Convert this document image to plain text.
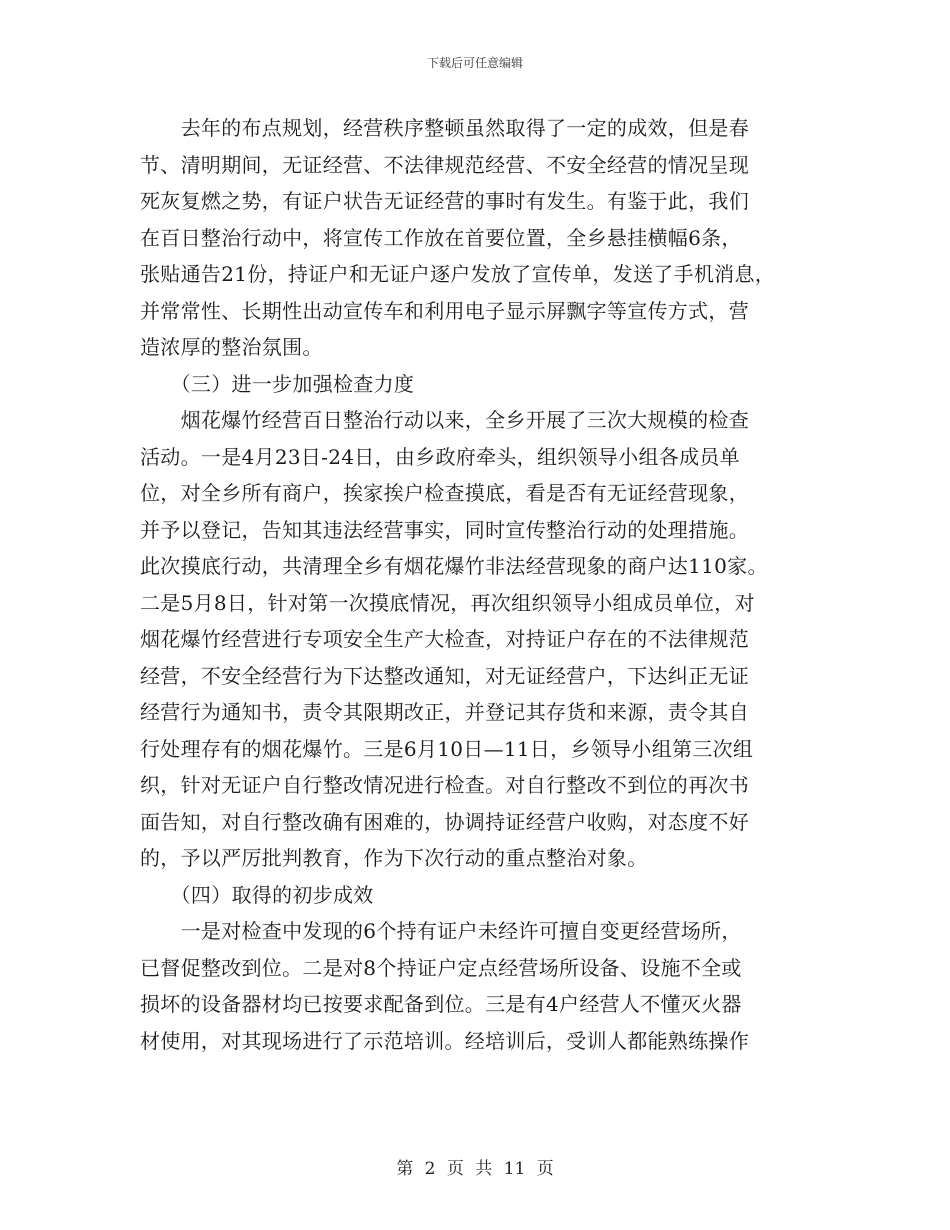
下载后可任意编辑
　　去年的布点规划，经营秩序整顿虽然取得了一定的成效，但是春
节、清明期间，无证经营、不法律规范经营、不安全经营的情况呈现
死灰复燃之势，有证户状告无证经营的事时有发生。有鉴于此，我们
在百日整治行动中，将宣传工作放在首要位置，全乡悬挂横幅6条，
张贴通告21份，持证户和无证户逐户发放了宣传单，发送了手机消息，
并常常性、长期性出动宣传车和利用电子显示屏飘字等宣传方式，营
造浓厚的整治氛围。
　　（三）进一步加强检查力度
　　烟花爆竹经营百日整治行动以来，全乡开展了三次大规模的检查
活动。一是4月23日-24日，由乡政府牵头，组织领导小组各成员单
位，对全乡所有商户，挨家挨户检查摸底，看是否有无证经营现象，
并予以登记，告知其违法经营事实，同时宣传整治行动的处理措施。
此次摸底行动，共清理全乡有烟花爆竹非法经营现象的商户达110家。
二是5月8日，针对第一次摸底情况，再次组织领导小组成员单位，对
烟花爆竹经营进行专项安全生产大检查，对持证户存在的不法律规范
经营，不安全经营行为下达整改通知，对无证经营户，下达纠正无证
经营行为通知书，责令其限期改正，并登记其存货和来源，责令其自
行处理存有的烟花爆竹。三是6月10日—11日，乡领导小组第三次组
织，针对无证户自行整改情况进行检查。对自行整改不到位的再次书
面告知，对自行整改确有困难的，协调持证经营户收购，对态度不好
的，予以严厉批判教育，作为下次行动的重点整治对象。
　　（四）取得的初步成效
　　一是对检查中发现的6个持有证户未经许可擅自变更经营场所，
已督促整改到位。二是对8个持证户定点经营场所设备、设施不全或
损坏的设备器材均已按要求配备到位。三是有4户经营人不懂灭火器
材使用，对其现场进行了示范培训。经培训后，受训人都能熟练操作
第 2 页 共 11 页
